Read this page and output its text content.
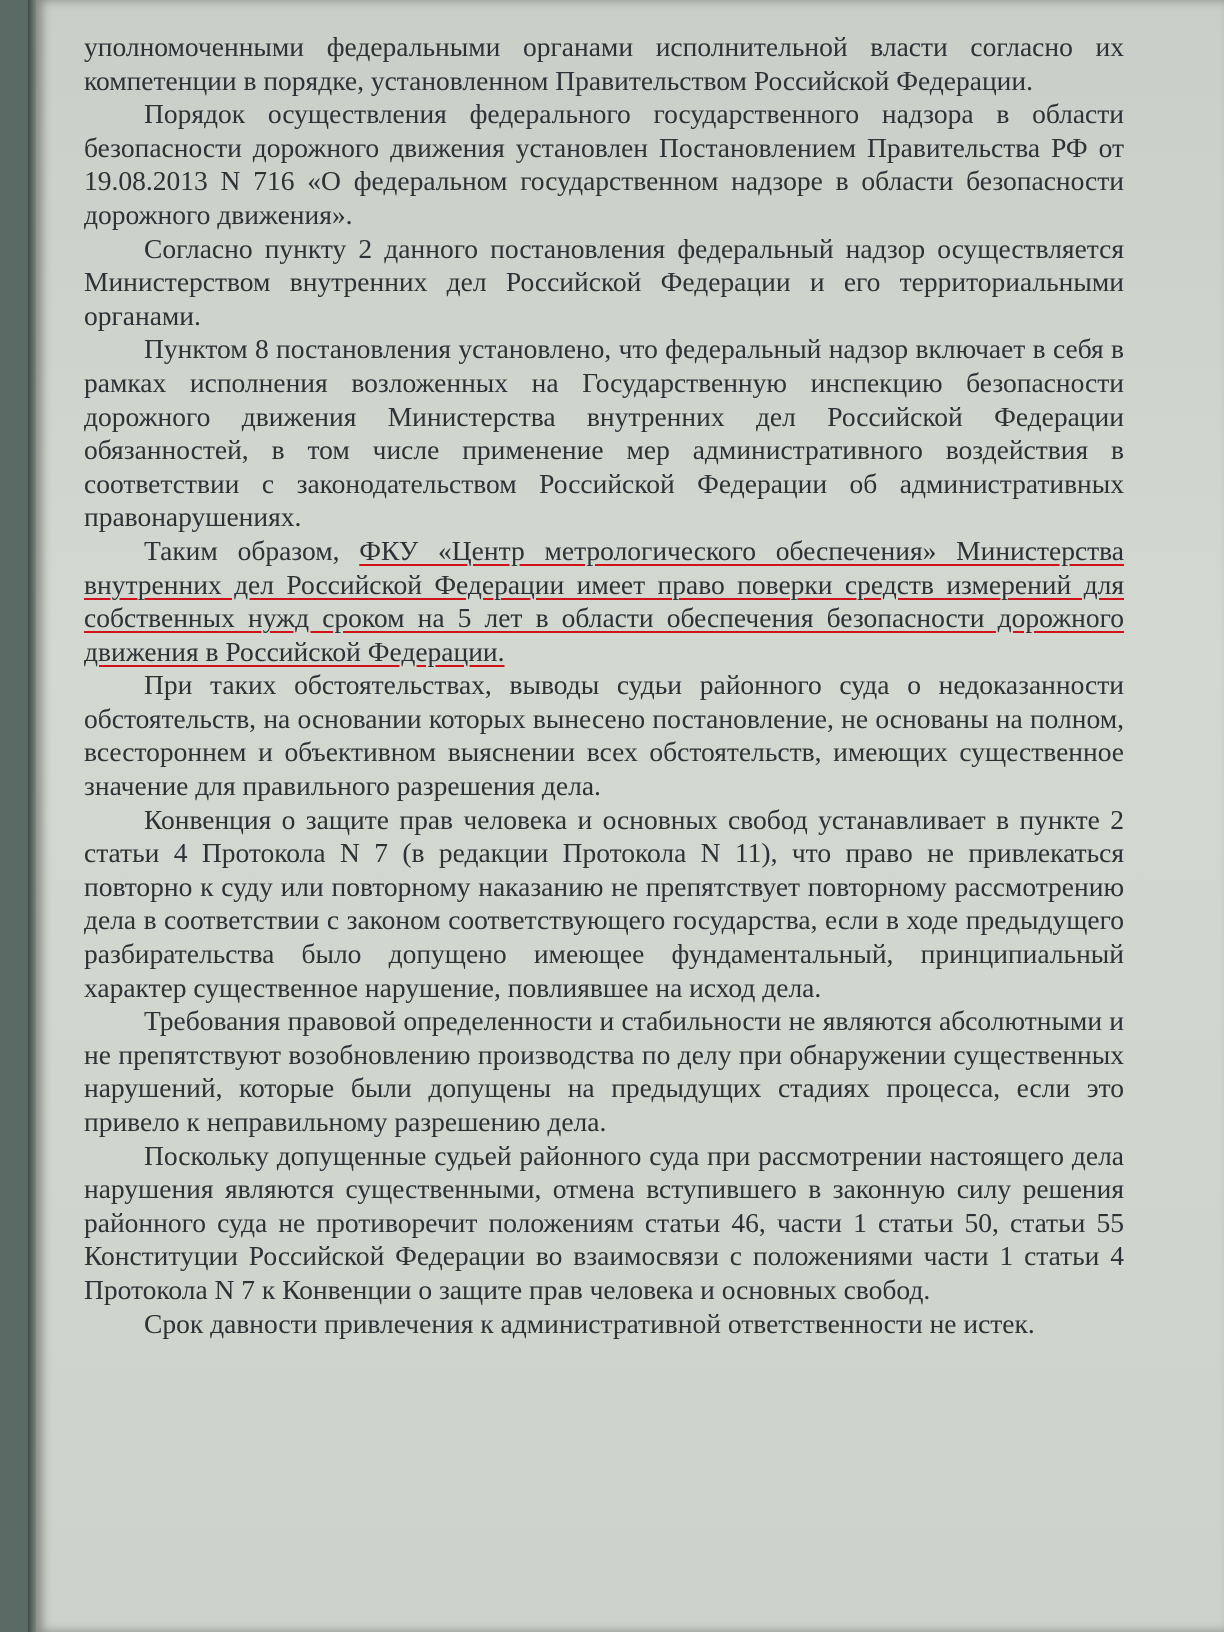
уполномоченными федеральными органами исполнительной власти согласно их компетенции в порядке, установленном Правительством Российской Федерации.

Порядок осуществления федерального государственного надзора в области безопасности дорожного движения установлен Постановлением Правительства РФ от 19.08.2013 N 716 «О федеральном государственном надзоре в области безопасности дорожного движения».

Согласно пункту 2 данного постановления федеральный надзор осуществляется Министерством внутренних дел Российской Федерации и его территориальными органами.

Пунктом 8 постановления установлено, что федеральный надзор включает в себя в рамках исполнения возложенных на Государственную инспекцию безопасности дорожного движения Министерства внутренних дел Российской Федерации обязанностей, в том числе применение мер административного воздействия в соответствии с законодательством Российской Федерации об административных правонарушениях.

Таким образом, ФКУ «Центр метрологического обеспечения» Министерства внутренних дел Российской Федерации имеет право поверки средств измерений для собственных нужд сроком на 5 лет в области обеспечения безопасности дорожного движения в Российской Федерации.

При таких обстоятельствах, выводы судьи районного суда о недоказанности обстоятельств, на основании которых вынесено постановление, не основаны на полном, всестороннем и объективном выяснении всех обстоятельств, имеющих существенное значение для правильного разрешения дела.

Конвенция о защите прав человека и основных свобод устанавливает в пункте 2 статьи 4 Протокола N 7 (в редакции Протокола N 11), что право не привлекаться повторно к суду или повторному наказанию не препятствует повторному рассмотрению дела в соответствии с законом соответствующего государства, если в ходе предыдущего разбирательства было допущено имеющее фундаментальный, принципиальный характер существенное нарушение, повлиявшее на исход дела.

Требования правовой определенности и стабильности не являются абсолютными и не препятствуют возобновлению производства по делу при обнаружении существенных нарушений, которые были допущены на предыдущих стадиях процесса, если это привело к неправильному разрешению дела.

Поскольку допущенные судьей районного суда при рассмотрении настоящего дела нарушения являются существенными, отмена вступившего в законную силу решения районного суда не противоречит положениям статьи 46, части 1 статьи 50, статьи 55 Конституции Российской Федерации во взаимосвязи с положениями части 1 статьи 4 Протокола N 7 к Конвенции о защите прав человека и основных свобод.

Срок давности привлечения к административной ответственности не истек.
